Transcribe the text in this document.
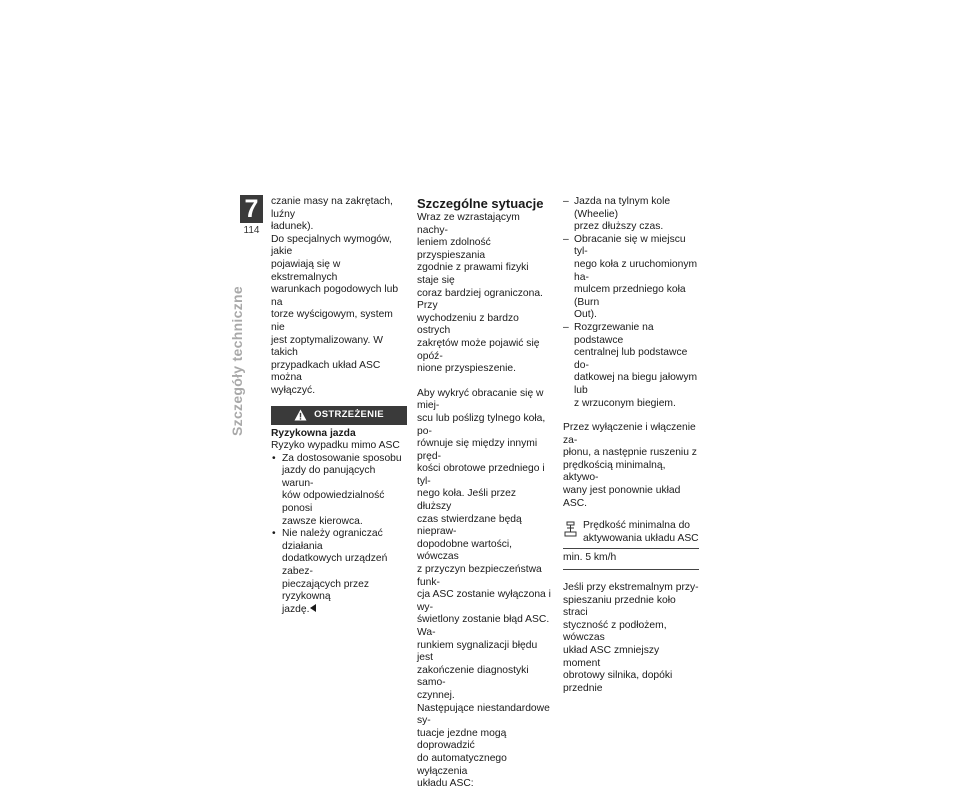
7
114
Szczegóły techniczne

czanie masy na zakrętach, luźny
ładunek).

Do specjalnych wymogów, jakie
pojawiają się w ekstremalnych
warunkach pogodowych lub na
torze wyścigowym, system nie
jest zoptymalizowany. W takich
przypadkach układ ASC można
wyłączyć.

OSTRZEŻENIE

Ryzykowna jazda

Ryzyko wypadku mimo ASC

• Za dostosowanie sposobu
jazdy do panujących warun-
ków odpowiedzialność ponosi
zawsze kierowca.
• Nie należy ograniczać działania
dodatkowych urządzeń zabez-
pieczających przez ryzykowną
jazdę.

Szczególne sytuacje

Wraz ze wzrastającym nachy-
leniem zdolność przyspieszania
zgodnie z prawami fizyki staje się
coraz bardziej ograniczona. Przy
wychodzeniu z bardzo ostrych
zakrętów może pojawić się opóź-
nione przyspieszenie.

Aby wykryć obracanie się w miej-
scu lub poślizg tylnego koła, po-
równuje się między innymi pręd-
kości obrotowe przedniego i tyl-
nego koła. Jeśli przez dłuższy
czas stwierdzane będą niepraw-
dopodobne wartości, wówczas
z przyczyn bezpieczeństwa funk-
cja ASC zostanie wyłączona i wy-
świetlony zostanie błąd ASC. Wa-
runkiem sygnalizacji błędu jest
zakończenie diagnostyki samo-
czynnej.

Następujące niestandardowe sy-
tuacje jezdne mogą doprowadzić
do automatycznego wyłączenia
układu ASC:

– Jazda na tylnym kole (Wheelie)
przez dłuższy czas.
– Obracanie się w miejscu tyl-
nego koła z uruchomionym ha-
mulcem przedniego koła (Burn
Out).
– Rozgrzewanie na podstawce
centralnej lub podstawce do-
datkowej na biegu jałowym lub
z wrzuconym biegiem.

Przez wyłączenie i włączenie za-
płonu, a następnie ruszeniu z
prędkością minimalną, aktywo-
wany jest ponownie układ ASC.

Prędkość minimalna do
aktywowania układu ASC
min. 5 km/h

Jeśli przy ekstremalnym przy-
spieszaniu przednie koło straci
styczność z podłożem, wówczas
układ ASC zmniejszy moment
obrotowy silnika, dopóki przednie
